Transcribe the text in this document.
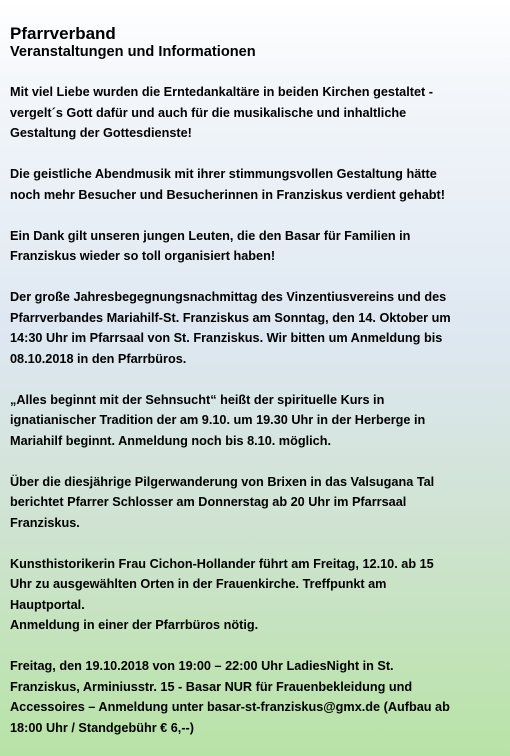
Pfarrverband
Veranstaltungen und Informationen
Mit viel Liebe wurden die Erntedankaltäre in beiden Kirchen gestaltet -
vergelt´s Gott dafür und auch für die musikalische und inhaltliche
Gestaltung der Gottesdienste!
Die geistliche Abendmusik mit ihrer stimmungsvollen Gestaltung hätte
noch mehr Besucher und Besucherinnen in Franziskus verdient gehabt!
Ein Dank gilt unseren jungen Leuten, die den Basar für Familien in
Franziskus wieder so toll organisiert haben!
Der große Jahresbegegnungsnachmittag des Vinzentiusvereins und des
Pfarrverbandes Mariahilf-St. Franziskus am Sonntag, den 14. Oktober um
14:30 Uhr im Pfarrsaal von St. Franziskus. Wir bitten um Anmeldung bis
08.10.2018 in den Pfarrbüros.
„Alles beginnt mit der Sehnsucht“ heißt der spirituelle Kurs in
ignatianischer Tradition der am 9.10. um 19.30 Uhr in der Herberge in
Mariahilf beginnt. Anmeldung noch bis 8.10. möglich.
Über die diesjährige Pilgerwanderung von Brixen in das Valsugana Tal
berichtet Pfarrer Schlosser am Donnerstag ab 20 Uhr im Pfarrsaal
Franziskus.
Kunsthistorikerin Frau Cichon-Hollander führt am Freitag, 12.10. ab 15
Uhr zu ausgewählten Orten in der Frauenkirche. Treffpunkt am
Hauptportal.
Anmeldung in einer der Pfarrbüros nötig.
Freitag, den 19.10.2018 von 19:00 – 22:00 Uhr LadiesNight in St.
Franziskus, Arminiusstr. 15 - Basar NUR für Frauenbekleidung und
Accessoires – Anmeldung unter basar-st-franziskus@gmx.de (Aufbau ab
18:00 Uhr / Standgebühr € 6,--)
